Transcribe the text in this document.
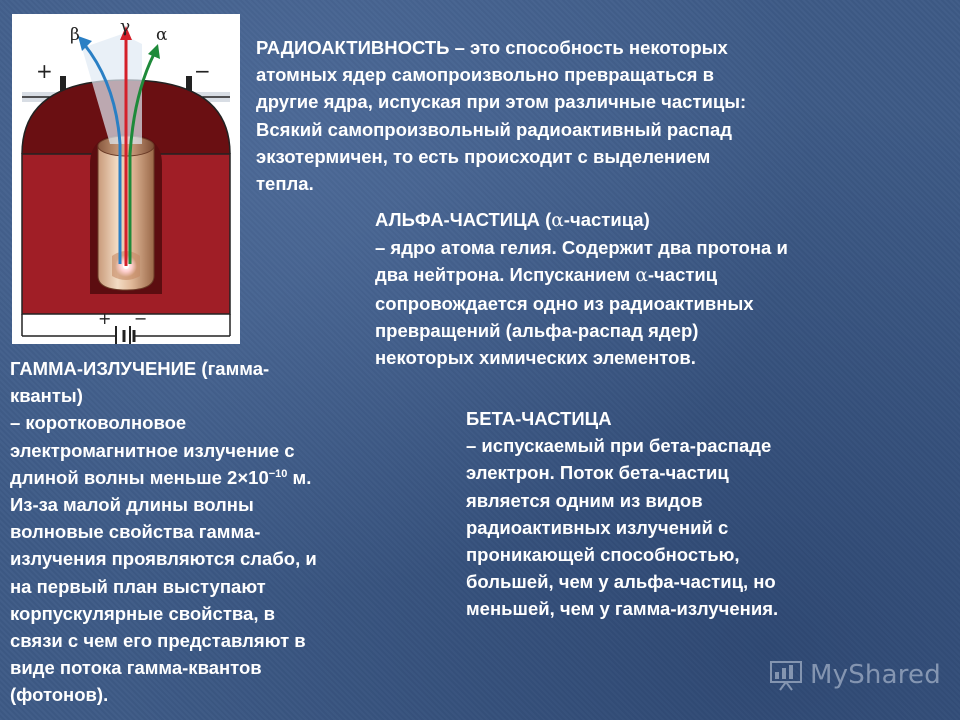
β γ α
+	−
+ −

РАДИОАКТИВНОСТЬ – это способность некоторых

атомных ядер самопроизвольно превращаться в

другие ядра, испуская при этом различные частицы:

Всякий самопроизвольный радиоактивный распад

экзотермичен, то есть происходит с выделением

тепла.

АЛЬФА-ЧАСТИЦА (α-частица)

– ядро атома гелия. Содержит два протона и

два нейтрона. Испусканием α-частиц

сопровождается одно из радиоактивных

превращений (альфа-распад ядер)

некоторых химических элементов.

ГАММА-ИЗЛУЧЕНИЕ (гамма-

кванты)

– коротковолновое

электромагнитное излучение с

длиной волны меньше $2\times 10^{-10}$ м.

Из-за малой длины волны

волновые свойства гамма-

излучения проявляются слабо, и

на первый план выступают

корпускулярные свойства, в

связи с чем его представляют в

виде потока гамма-квантов

(фотонов).

БЕТА-ЧАСТИЦА

– испускаемый при бета-распаде

электрон. Поток бета-частиц

является одним из видов

радиоактивных излучений с

проникающей способностью,

большей, чем у альфа-частиц, но

меньшей, чем у гамма-излучения.

MyShared
